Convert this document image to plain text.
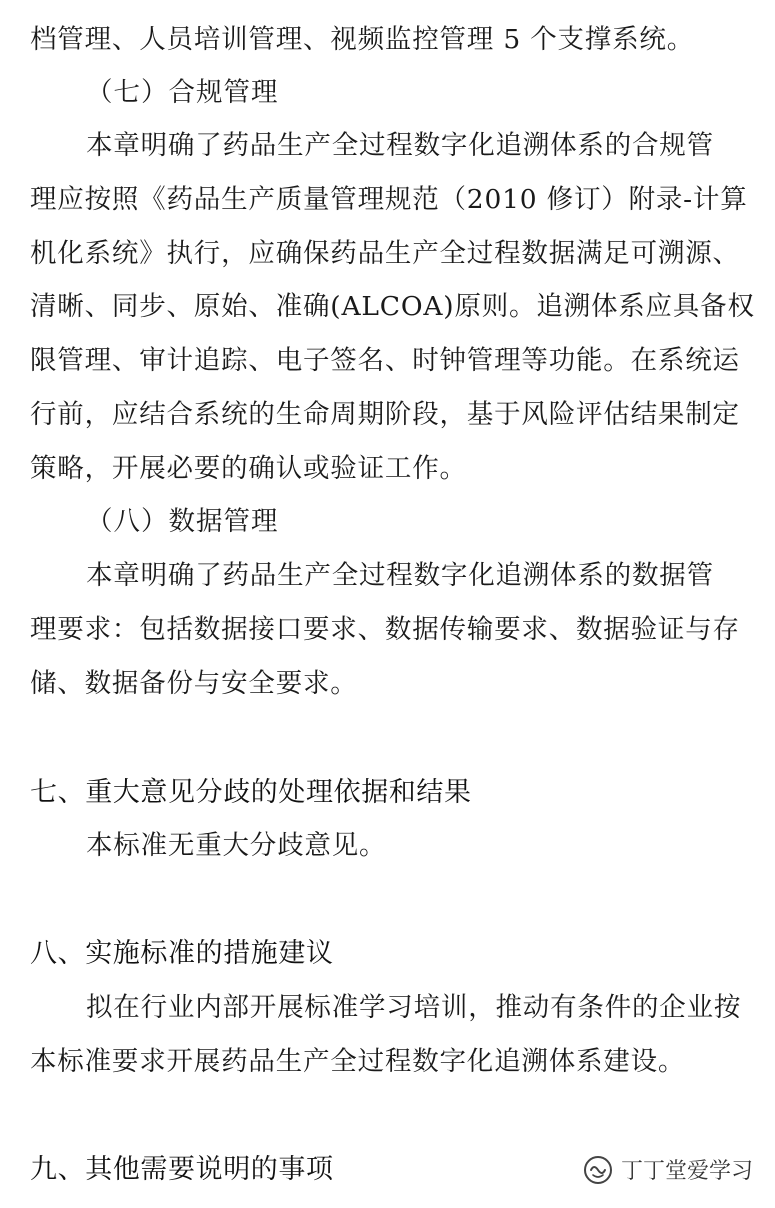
档管理、人员培训管理、视频监控管理 5 个支撑系统。
（七）合规管理
本章明确了药品生产全过程数字化追溯体系的合规管
理应按照《药品生产质量管理规范（2010 修订）附录-计算
机化系统》执行，应确保药品生产全过程数据满足可溯源、
清晰、同步、原始、准确(ALCOA)原则。追溯体系应具备权
限管理、审计追踪、电子签名、时钟管理等功能。在系统运
行前，应结合系统的生命周期阶段，基于风险评估结果制定
策略，开展必要的确认或验证工作。
（八）数据管理
本章明确了药品生产全过程数字化追溯体系的数据管
理要求：包括数据接口要求、数据传输要求、数据验证与存
储、数据备份与安全要求。
七、重大意见分歧的处理依据和结果
本标准无重大分歧意见。
八、实施标准的措施建议
拟在行业内部开展标准学习培训，推动有条件的企业按
本标准要求开展药品生产全过程数字化追溯体系建设。
九、其他需要说明的事项	丁丁堂爱学习
